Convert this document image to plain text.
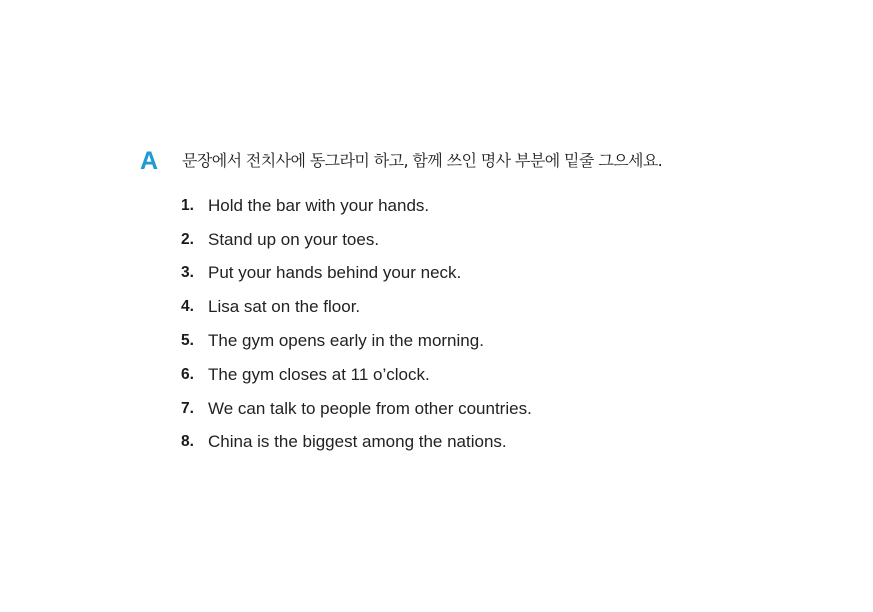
A	문장에서 전치사에 동그라미 하고, 함께 쓰인 명사 부분에 밑줄 그으세요.
1. Hold the bar with your hands.
2. Stand up on your toes.
3. Put your hands behind your neck.
4. Lisa sat on the floor.
5. The gym opens early in the morning.
6. The gym closes at 11 o’clock.
7. We can talk to people from other countries.
8. China is the biggest among the nations.
